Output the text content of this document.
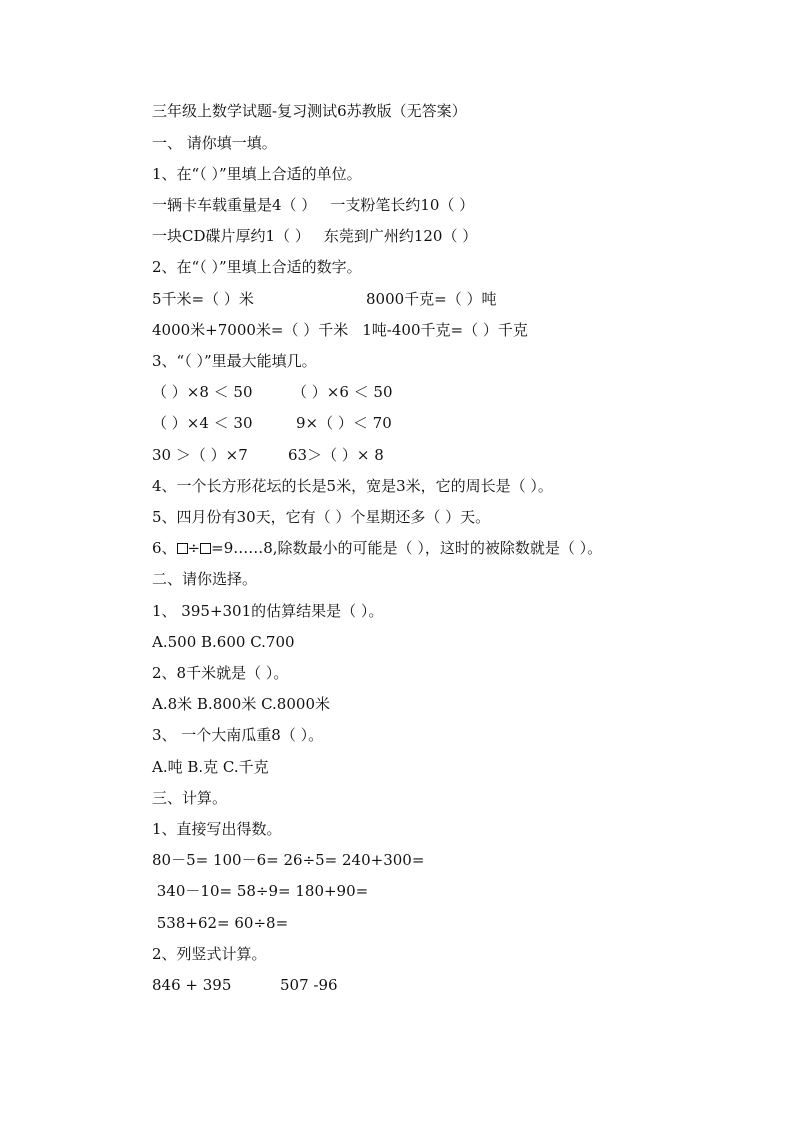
三年级上数学试题-复习测试6苏教版（无答案）
一、 请你填一填。
1、在“（ ）”里填上合适的单位。
一辆卡车载重量是4（ ） 一支粉笔长约10（ ）
一块CD碟片厚约1（ ） 东莞到广州约120（ ）
2、在“（ ）”里填上合适的数字。
5千米=（ ）米	8000千克=（ ）吨
4000米+7000米=（ ）千米 1吨-400千克=（ ）千克
3、“（ ）”里最大能填几。
（ ）×8 ＜ 50	（ ）×6 ＜ 50
（ ）×4 ＜ 30	9×（ ）＜ 70
30 ＞（ ）×7	63＞（ ）× 8
4、一个长方形花坛的长是5米，宽是3米，它的周长是（ ）。
5、四月份有30天，它有（ ）个星期还多（ ）天。
6、 ÷ =9……8,除数最小的可能是（ ），这时的被除数就是（ ）。
二、请你选择。
1、 395+301的估算结果是（ ）。
A.500 B.600 C.700
2、8千米就是（ ）。
A.8米 B.800米 C.8000米
3、 一个大南瓜重8（ ）。
A.吨 B.克 C.千克
三、计算。
1、直接写出得数。
80－5= 100－6= 26÷5= 240+300=
340－10= 58÷9= 180+90=
538+62= 60÷8=
2、列竖式计算。
846 + 395	507 -96
